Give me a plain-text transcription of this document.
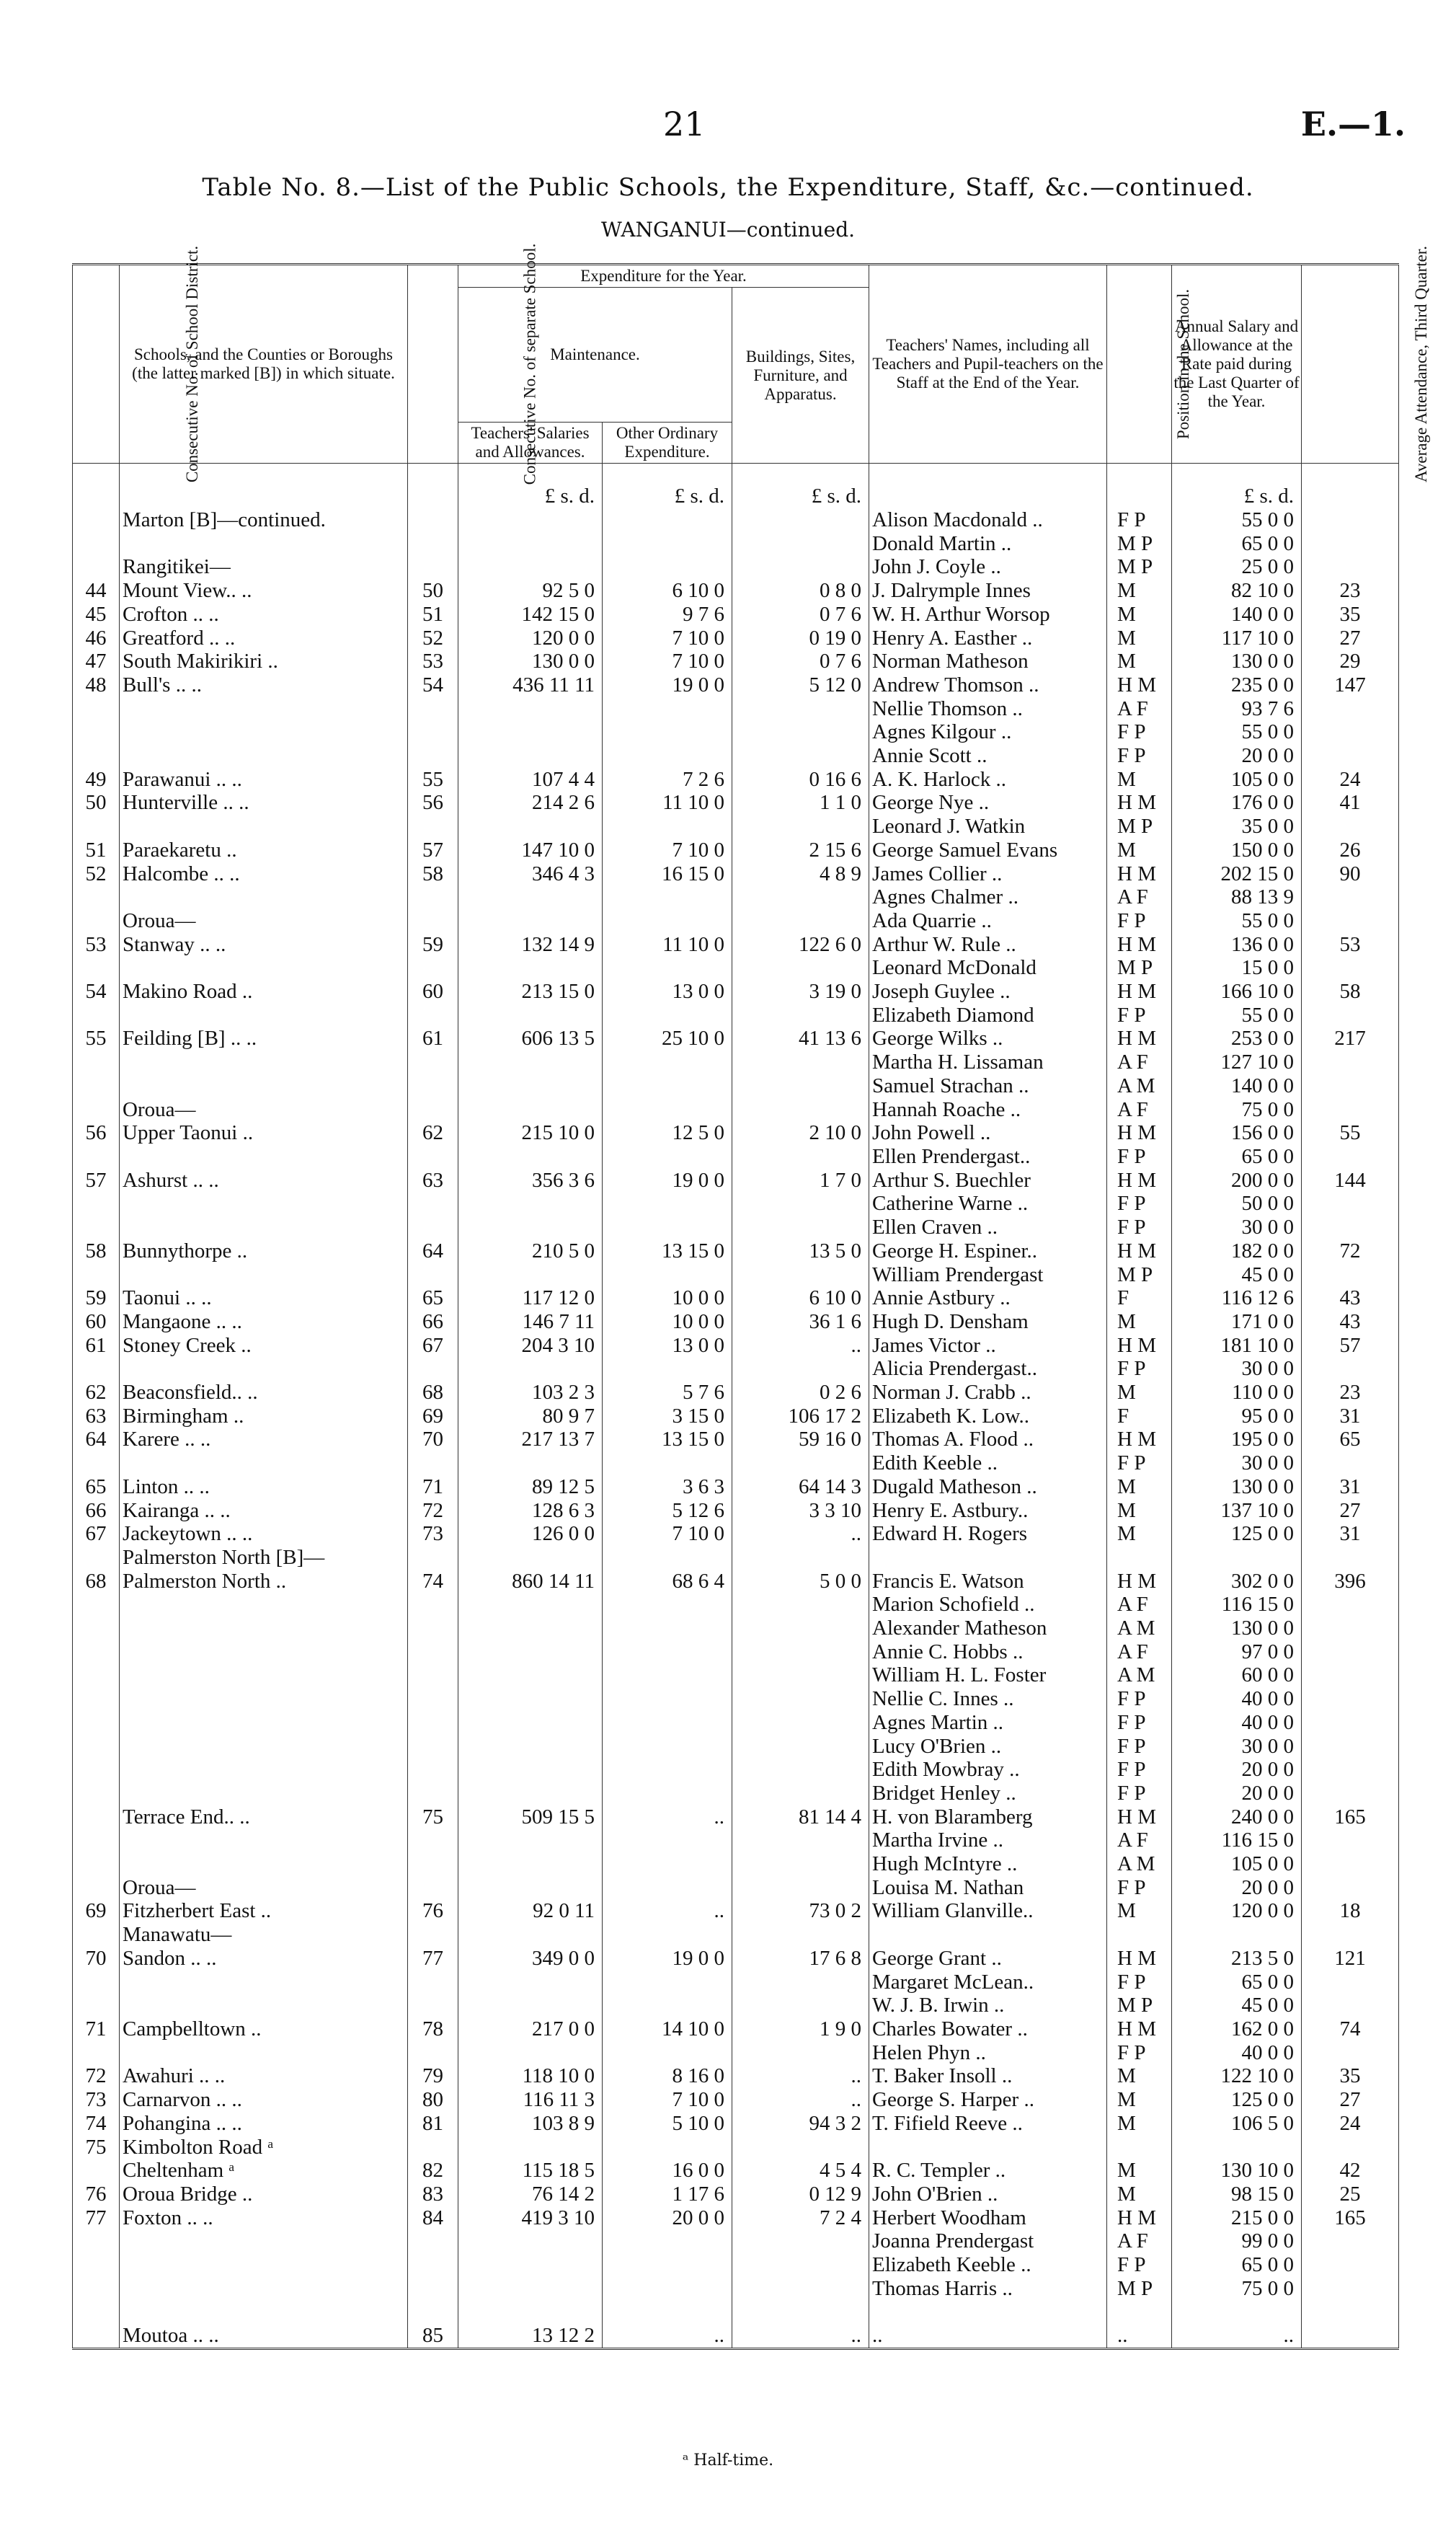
21	E.—1.
Table No. 8.—List of the Public Schools, the Expenditure, Staff, &c.—continued.
WANGANUI—continued.
Consecutive No. of School District.	Schools, and the Counties or Boroughs (the latter marked [B]) in which situate.	Consecutive No. of separate School.	Expenditure for the Year.			Teachers' Names, including all Teachers and Pupil-teachers on the Staff at the End of the Year.	Position in the School.	Annual Salary and Allowance at the Rate paid during the Last Quarter of the Year.	Average Attendance, Third Quarter.
			Maintenance.		Buildings, Sites, Furniture, and Apparatus.				
			Teachers' Salaries and Allowances.	Other Ordinary Expenditure.					
			£ s. d.	£ s. d.	£ s. d.			£ s. d.	
	Marton [B]—continued.					Alison Macdonald ..	F P	55 0 0	
						Donald Martin ..	M P	65 0 0	
	Rangitikei—					John J. Coyle ..	M P	25 0 0	
44	Mount View.. ..	50	92 5 0	6 10 0	0 8 0	J. Dalrymple Innes	M	82 10 0	23
45	Crofton .. ..	51	142 15 0	9 7 6	0 7 6	W. H. Arthur Worsop	M	140 0 0	35
46	Greatford .. ..	52	120 0 0	7 10 0	0 19 0	Henry A. Easther ..	M	117 10 0	27
47	South Makirikiri ..	53	130 0 0	7 10 0	0 7 6	Norman Matheson	M	130 0 0	29
48	Bull's .. ..	54	436 11 11	19 0 0	5 12 0	Andrew Thomson ..	H M	235 0 0	147
						Nellie Thomson ..	A F	93 7 6	
						Agnes Kilgour ..	F P	55 0 0	
						Annie Scott ..	F P	20 0 0	
49	Parawanui .. ..	55	107 4 4	7 2 6	0 16 6	A. K. Harlock ..	M	105 0 0	24
50	Hunterville .. ..	56	214 2 6	11 10 0	1 1 0	George Nye ..	H M	176 0 0	41
						Leonard J. Watkin	M P	35 0 0	
51	Paraekaretu ..	57	147 10 0	7 10 0	2 15 6	George Samuel Evans	M	150 0 0	26
52	Halcombe .. ..	58	346 4 3	16 15 0	4 8 9	James Collier ..	H M	202 15 0	90
						Agnes Chalmer ..	A F	88 13 9	
	Oroua—					Ada Quarrie ..	F P	55 0 0	
53	Stanway .. ..	59	132 14 9	11 10 0	122 6 0	Arthur W. Rule ..	H M	136 0 0	53
						Leonard McDonald	M P	15 0 0	
54	Makino Road ..	60	213 15 0	13 0 0	3 19 0	Joseph Guylee ..	H M	166 10 0	58
						Elizabeth Diamond	F P	55 0 0	
55	Feilding [B] .. ..	61	606 13 5	25 10 0	41 13 6	George Wilks ..	H M	253 0 0	217
						Martha H. Lissaman	A F	127 10 0	
						Samuel Strachan ..	A M	140 0 0	
	Oroua—					Hannah Roache ..	A F	75 0 0	
56	Upper Taonui ..	62	215 10 0	12 5 0	2 10 0	John Powell ..	H M	156 0 0	55
						Ellen Prendergast..	F P	65 0 0	
57	Ashurst .. ..	63	356 3 6	19 0 0	1 7 0	Arthur S. Buechler	H M	200 0 0	144
						Catherine Warne ..	F P	50 0 0	
						Ellen Craven ..	F P	30 0 0	
58	Bunnythorpe ..	64	210 5 0	13 15 0	13 5 0	George H. Espiner..	H M	182 0 0	72
						William Prendergast	M P	45 0 0	
59	Taonui .. ..	65	117 12 0	10 0 0	6 10 0	Annie Astbury ..	F	116 12 6	43
60	Mangaone .. ..	66	146 7 11	10 0 0	36 1 6	Hugh D. Densham	M	171 0 0	43
61	Stoney Creek ..	67	204 3 10	13 0 0	..	James Victor ..	H M	181 10 0	57
						Alicia Prendergast..	F P	30 0 0	
62	Beaconsfield.. ..	68	103 2 3	5 7 6	0 2 6	Norman J. Crabb ..	M	110 0 0	23
63	Birmingham ..	69	80 9 7	3 15 0	106 17 2	Elizabeth K. Low..	F	95 0 0	31
64	Karere .. ..	70	217 13 7	13 15 0	59 16 0	Thomas A. Flood ..	H M	195 0 0	65
						Edith Keeble ..	F P	30 0 0	
65	Linton .. ..	71	89 12 5	3 6 3	64 14 3	Dugald Matheson ..	M	130 0 0	31
66	Kairanga .. ..	72	128 6 3	5 12 6	3 3 10	Henry E. Astbury..	M	137 10 0	27
67	Jackeytown .. ..	73	126 0 0	7 10 0	..	Edward H. Rogers	M	125 0 0	31
	Palmerston North [B]—								
68	Palmerston North ..	74	860 14 11	68 6 4	5 0 0	Francis E. Watson	H M	302 0 0	396
						Marion Schofield ..	A F	116 15 0	
						Alexander Matheson	A M	130 0 0	
						Annie C. Hobbs ..	A F	97 0 0	
						William H. L. Foster	A M	60 0 0	
						Nellie C. Innes ..	F P	40 0 0	
						Agnes Martin ..	F P	40 0 0	
						Lucy O'Brien ..	F P	30 0 0	
						Edith Mowbray ..	F P	20 0 0	
						Bridget Henley ..	F P	20 0 0	
	Terrace End.. ..	75	509 15 5	..	81 14 4	H. von Blaramberg	H M	240 0 0	165
						Martha Irvine ..	A F	116 15 0	
						Hugh McIntyre ..	A M	105 0 0	
	Oroua—					Louisa M. Nathan	F P	20 0 0	
69	Fitzherbert East ..	76	92 0 11	..	73 0 2	William Glanville..	M	120 0 0	18
	Manawatu—								
70	Sandon .. ..	77	349 0 0	19 0 0	17 6 8	George Grant ..	H M	213 5 0	121
						Margaret McLean..	F P	65 0 0	
						W. J. B. Irwin ..	M P	45 0 0	
71	Campbelltown ..	78	217 0 0	14 10 0	1 9 0	Charles Bowater ..	H M	162 0 0	74
						Helen Phyn ..	F P	40 0 0	
72	Awahuri .. ..	79	118 10 0	8 16 0	..	T. Baker Insoll ..	M	122 10 0	35
73	Carnarvon .. ..	80	116 11 3	7 10 0	..	George S. Harper ..	M	125 0 0	27
74	Pohangina .. ..	81	103 8 9	5 10 0	94 3 2	T. Fifield Reeve ..	M	106 5 0	24
75	Kimbolton Road ᵃ								
	Cheltenham ᵃ	82	115 18 5	16 0 0	4 5 4	R. C. Templer ..	M	130 10 0	42
76	Oroua Bridge ..	83	76 14 2	1 17 6	0 12 9	John O'Brien ..	M	98 15 0	25
77	Foxton .. ..	84	419 3 10	20 0 0	7 2 4	Herbert Woodham	H M	215 0 0	165
						Joanna Prendergast	A F	99 0 0	
						Elizabeth Keeble ..	F P	65 0 0	
						Thomas Harris ..	M P	75 0 0	

	Moutoa .. ..	85	13 12 2	..	..	..	..	..	
ᵃ Half-time.
